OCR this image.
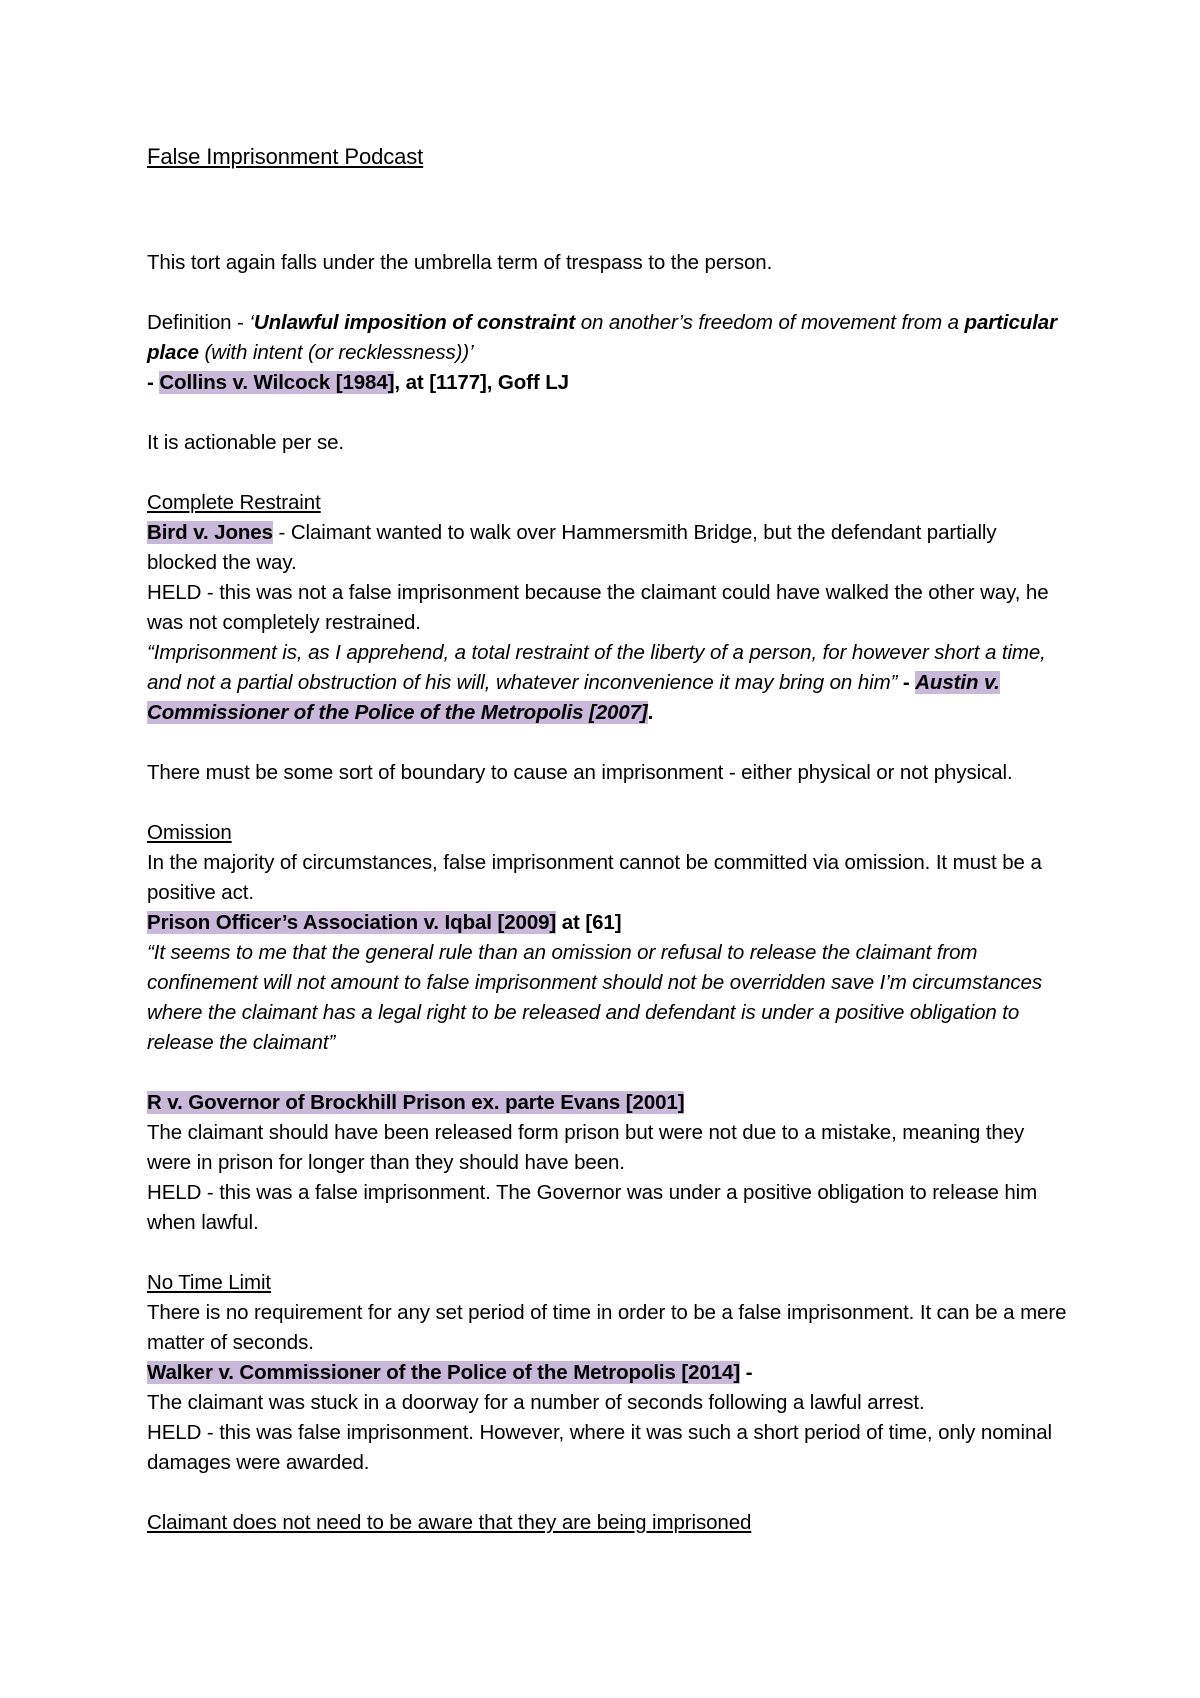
False Imprisonment Podcast

This tort again falls under the umbrella term of trespass to the person.

Definition - ‘Unlawful imposition of constraint on another’s freedom of movement from a particular place (with intent (or recklessness))’
- Collins v. Wilcock [1984], at [1177], Goff LJ

It is actionable per se.

Complete Restraint

Bird v. Jones - Claimant wanted to walk over Hammersmith Bridge, but the defendant partially blocked the way.

HELD - this was not a false imprisonment because the claimant could have walked the other way, he was not completely restrained.

“Imprisonment is, as I apprehend, a total restraint of the liberty of a person, for however short a time, and not a partial obstruction of his will, whatever inconvenience it may bring on him” - Austin v. Commissioner of the Police of the Metropolis [2007].

There must be some sort of boundary to cause an imprisonment - either physical or not physical.

Omission

In the majority of circumstances, false imprisonment cannot be committed via omission. It must be a positive act.

Prison Officer’s Association v. Iqbal [2009] at [61]

“It seems to me that the general rule than an omission or refusal to release the claimant from confinement will not amount to false imprisonment should not be overridden save I’m circumstances where the claimant has a legal right to be released and defendant is under a positive obligation to release the claimant”

R v. Governor of Brockhill Prison ex. parte Evans [2001]

The claimant should have been released form prison but were not due to a mistake, meaning they were in prison for longer than they should have been.

HELD - this was a false imprisonment. The Governor was under a positive obligation to release him when lawful.

No Time Limit

There is no requirement for any set period of time in order to be a false imprisonment. It can be a mere matter of seconds.

Walker v. Commissioner of the Police of the Metropolis [2014] -

The claimant was stuck in a doorway for a number of seconds following a lawful arrest.

HELD - this was false imprisonment. However, where it was such a short period of time, only nominal damages were awarded.

Claimant does not need to be aware that they are being imprisoned
